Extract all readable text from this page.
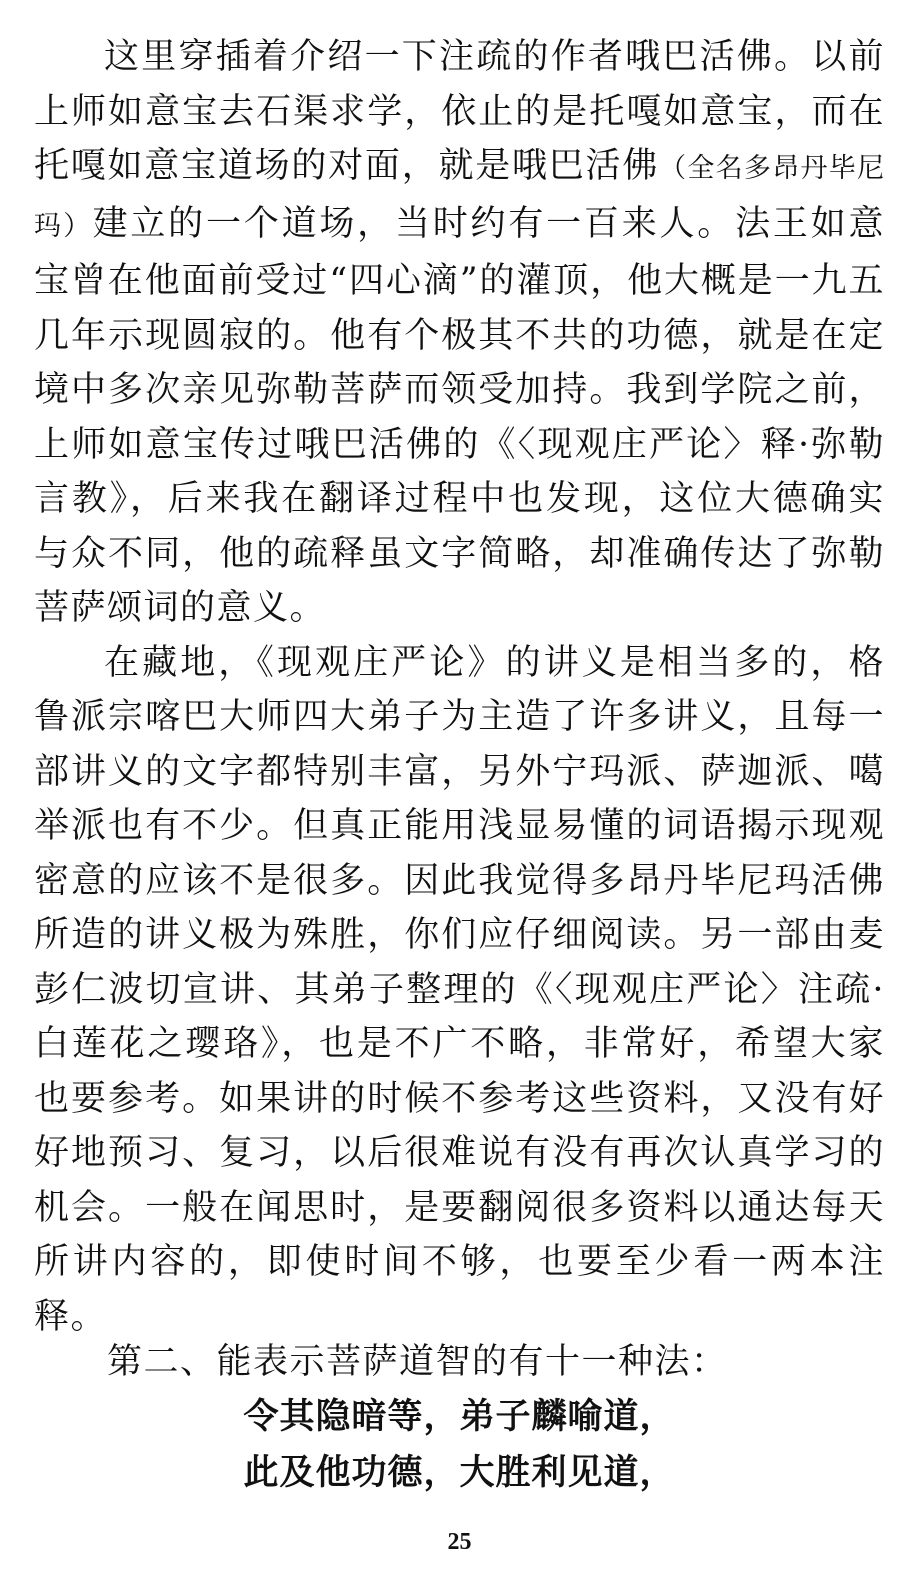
这里穿插着介绍一下注疏的作者哦巴活佛。以前上师如意宝去石渠求学，依止的是托嘎如意宝，而在托嘎如意宝道场的对面，就是哦巴活佛（全名多昂丹毕尼玛）建立的一个道场，当时约有一百来人。法王如意宝曾在他面前受过“四心滴”的灌顶，他大概是一九五几年示现圆寂的。他有个极其不共的功德，就是在定境中多次亲见弥勒菩萨而领受加持。我到学院之前，上师如意宝传过哦巴活佛的《〈现观庄严论〉释·弥勒言教》，后来我在翻译过程中也发现，这位大德确实与众不同，他的疏释虽文字简略，却准确传达了弥勒菩萨颂词的意义。

在藏地，《现观庄严论》的讲义是相当多的，格鲁派宗喀巴大师四大弟子为主造了许多讲义，且每一部讲义的文字都特别丰富，另外宁玛派、萨迦派、噶举派也有不少。但真正能用浅显易懂的词语揭示现观密意的应该不是很多。因此我觉得多昂丹毕尼玛活佛所造的讲义极为殊胜，你们应仔细阅读。另一部由麦彭仁波切宣讲、其弟子整理的《〈现观庄严论〉注疏·白莲花之璎珞》，也是不广不略，非常好，希望大家也要参考。如果讲的时候不参考这些资料，又没有好好地预习、复习，以后很难说有没有再次认真学习的机会。一般在闻思时，是要翻阅很多资料以通达每天所讲内容的，即使时间不够，也要至少看一两本注释。

第二、能表示菩萨道智的有十一种法：

令其隐暗等，弟子麟喻道，
此及他功德，大胜利见道，
25
